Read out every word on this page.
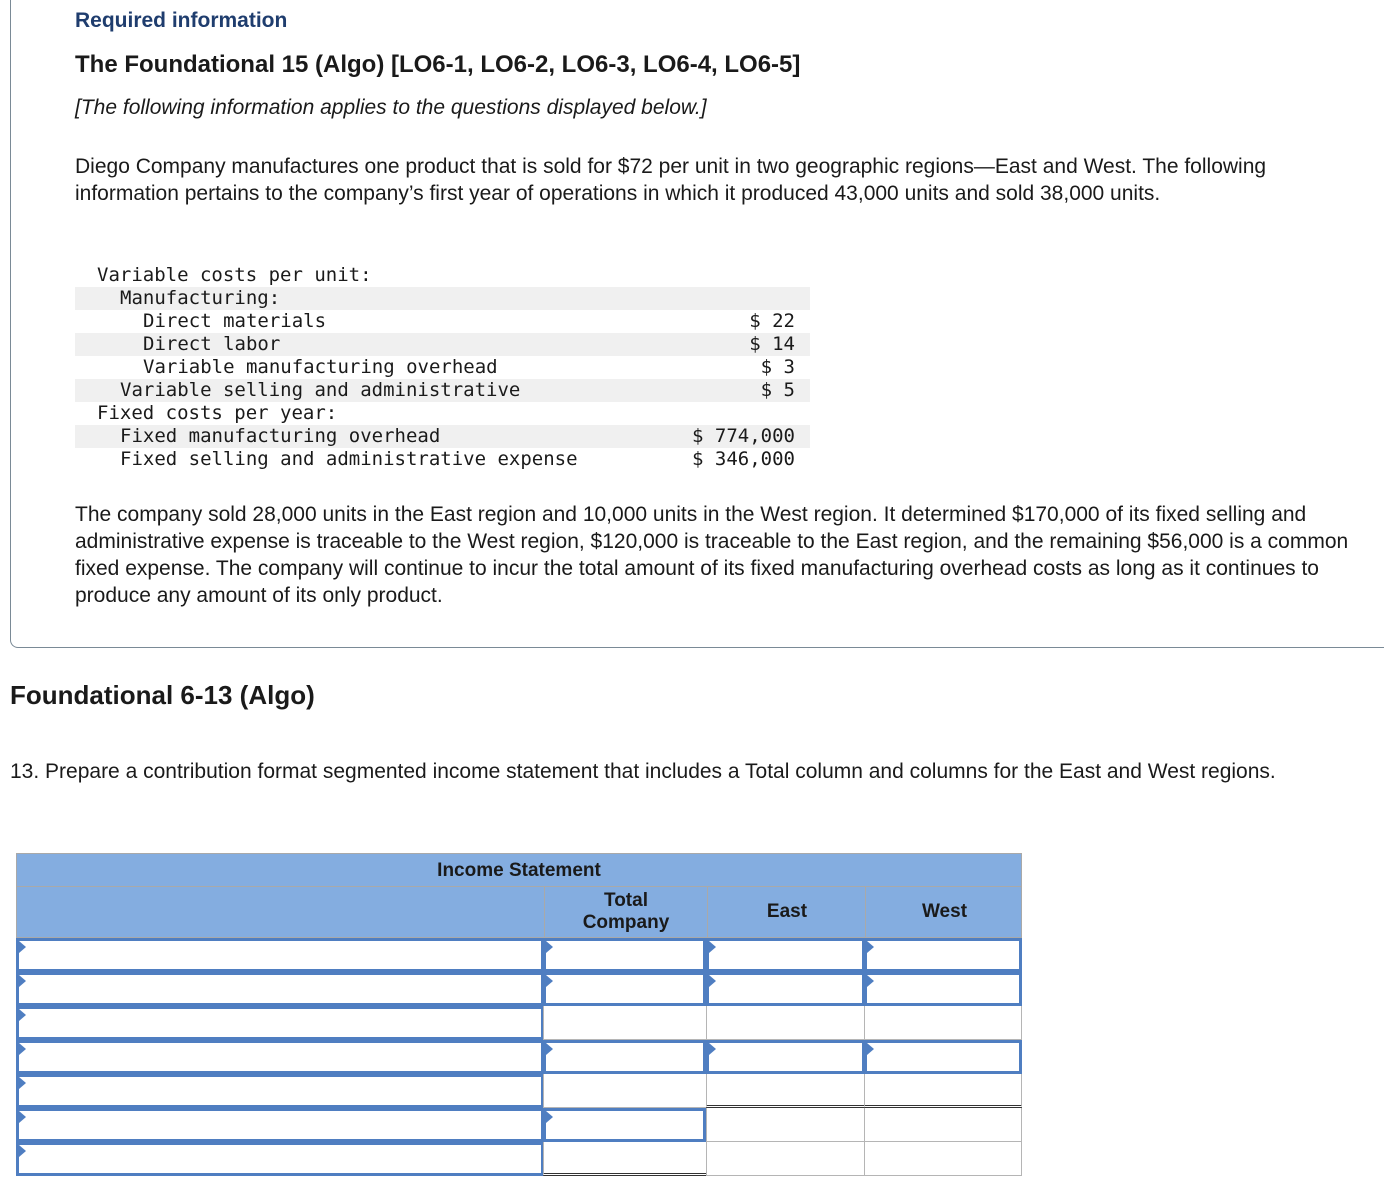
Required information
The Foundational 15 (Algo) [LO6-1, LO6-2, LO6-3, LO6-4, LO6-5]
[The following information applies to the questions displayed below.]
Diego Company manufactures one product that is sold for $72 per unit in two geographic regions—East and West. The following information pertains to the company’s first year of operations in which it produced 43,000 units and sold 38,000 units.
Variable costs per unit:
Manufacturing:
Direct materials	$ 22
Direct labor	$ 14
Variable manufacturing overhead	$ 3
Variable selling and administrative	$ 5
Fixed costs per year:
Fixed manufacturing overhead	$ 774,000
Fixed selling and administrative expense	$ 346,000
The company sold 28,000 units in the East region and 10,000 units in the West region. It determined $170,000 of its fixed selling and administrative expense is traceable to the West region, $120,000 is traceable to the East region, and the remaining $56,000 is a common fixed expense. The company will continue to incur the total amount of its fixed manufacturing overhead costs as long as it continues to produce any amount of its only product.
Foundational 6-13 (Algo)
13. Prepare a contribution format segmented income statement that includes a Total column and columns for the East and West regions.
Income Statement
Total
Company
East	West
